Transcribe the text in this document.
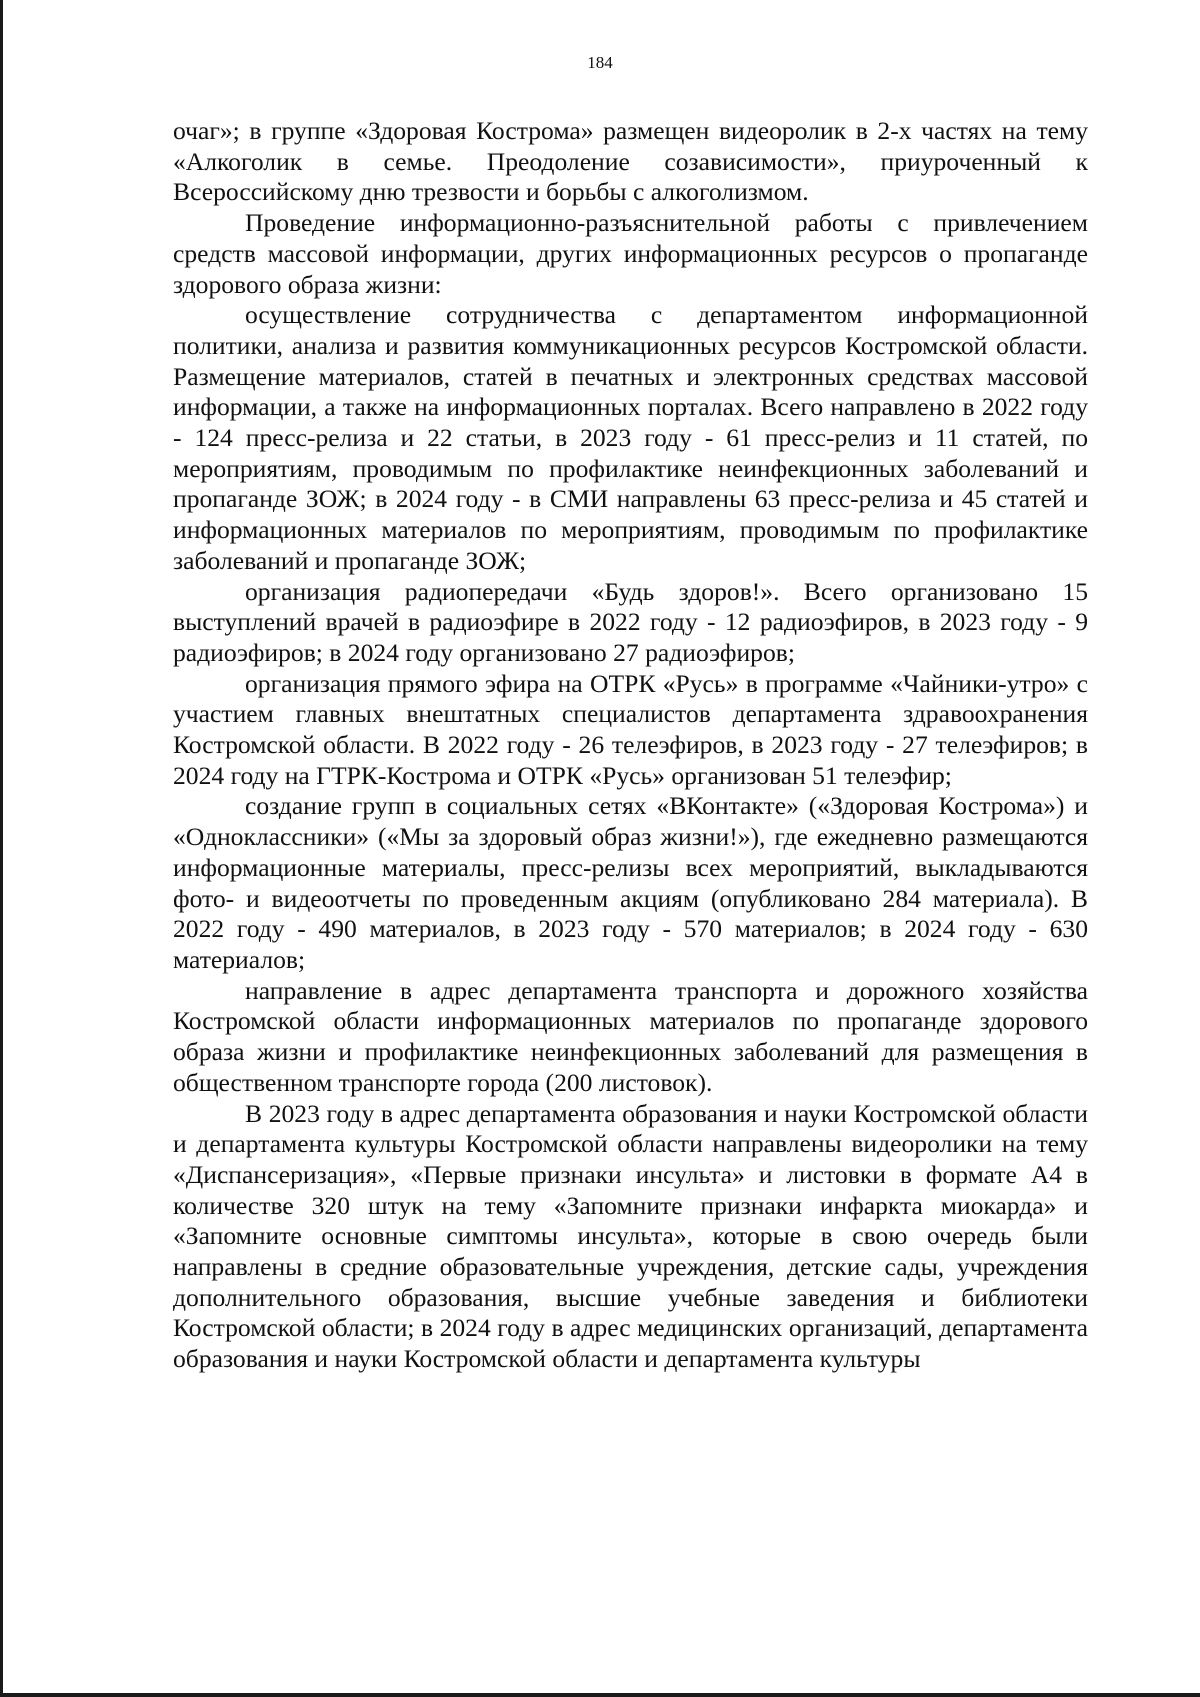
184

очаг»; в группе «Здоровая Кострома» размещен видеоролик в 2-х частях на тему «Алкоголик в семье. Преодоление созависимости», приуроченный к Всероссийскому дню трезвости и борьбы с алкоголизмом.

Проведение информационно-разъяснительной работы с привлечением средств массовой информации, других информационных ресурсов о пропаганде здорового образа жизни:

осуществление сотрудничества с департаментом информационной политики, анализа и развития коммуникационных ресурсов Костромской области. Размещение материалов, статей в печатных и электронных средствах массовой информации, а также на информационных порталах. Всего направлено в 2022 году - 124 пресс-релиза и 22 статьи, в 2023 году - 61 пресс-релиз и 11 статей, по мероприятиям, проводимым по профилактике неинфекционных заболеваний и пропаганде ЗОЖ; в 2024 году - в СМИ направлены 63 пресс-релиза и 45 статей и информационных материалов по мероприятиям, проводимым по профилактике заболеваний и пропаганде ЗОЖ;

организация радиопередачи «Будь здоров!». Всего организовано 15 выступлений врачей в радиоэфире в 2022 году - 12 радиоэфиров, в 2023 году - 9 радиоэфиров; в 2024 году организовано 27 радиоэфиров;

организация прямого эфира на ОТРК «Русь» в программе «Чайники-утро» с участием главных внештатных специалистов департамента здравоохранения Костромской области. В 2022 году - 26 телеэфиров, в 2023 году - 27 телеэфиров; в 2024 году на ГТРК-Кострома и ОТРК «Русь» организован 51 телеэфир;

создание групп в социальных сетях «ВКонтакте» («Здоровая Кострома») и «Одноклассники» («Мы за здоровый образ жизни!»), где ежедневно размещаются информационные материалы, пресс-релизы всех мероприятий, выкладываются фото- и видеоотчеты по проведенным акциям (опубликовано 284 материала). В 2022 году - 490 материалов, в 2023 году - 570 материалов; в 2024 году - 630 материалов;

направление в адрес департамента транспорта и дорожного хозяйства Костромской области информационных материалов по пропаганде здорового образа жизни и профилактике неинфекционных заболеваний для размещения в общественном транспорте города (200 листовок).

В 2023 году в адрес департамента образования и науки Костромской области и департамента культуры Костромской области направлены видеоролики на тему «Диспансеризация», «Первые признаки инсульта» и листовки в формате А4 в количестве 320 штук на тему «Запомните признаки инфаркта миокарда» и «Запомните основные симптомы инсульта», которые в свою очередь были направлены в средние образовательные учреждения, детские сады, учреждения дополнительного образования, высшие учебные заведения и библиотеки Костромской области; в 2024 году в адрес медицинских организаций, департамента образования и науки Костромской области и департамента культуры
